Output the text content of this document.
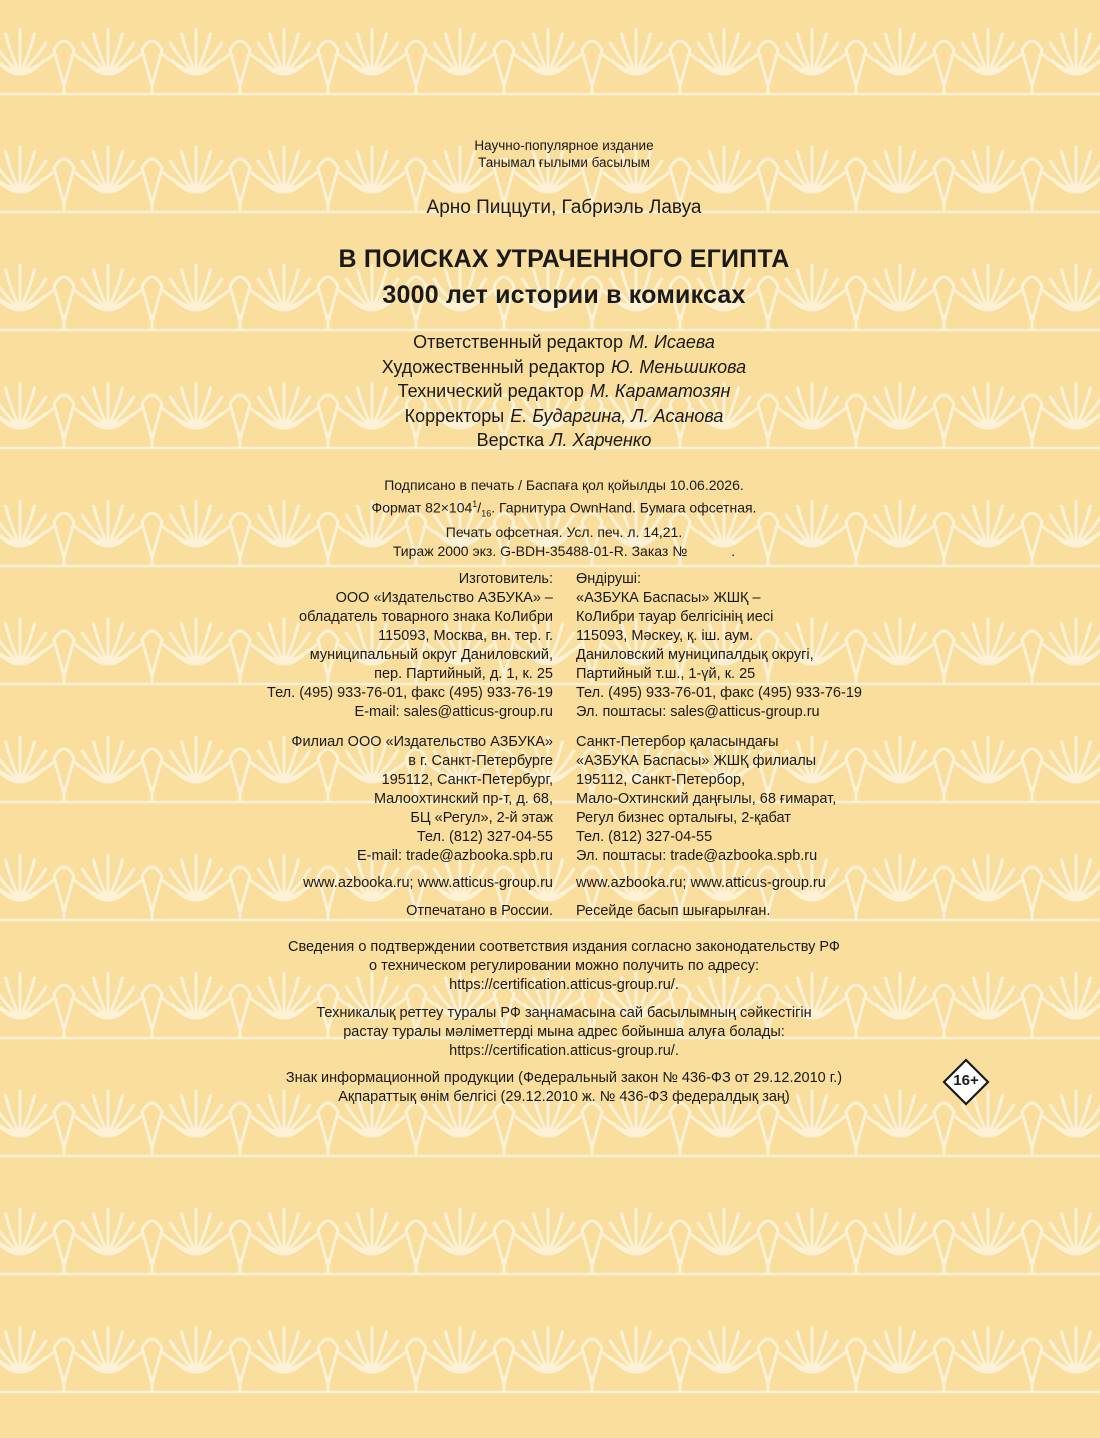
Научно-популярное издание
Танымал ғылыми басылым
Арно Пиццути, Габриэль Лавуа
В ПОИСКАХ УТРАЧЕННОГО ЕГИПТА
3000 лет истории в комиксах
Ответственный редактор М. Исаева
Художественный редактор Ю. Меньшикова
Технический редактор М. Караматозян
Корректоры Е. Бударгина, Л. Асанова
Верстка Л. Харченко
Подписано в печать / Баспаға қол қойылды 10.06.2026.
Формат $82\times 104^1/_{16}$. Гарнитура OwnHand. Бумага офсетная.
Печать офсетная. Усл. печ. л. 14,21.
Тираж 2000 экз. G-BDH-35488-01-R. Заказ №	.
Изготовитель:
ООО «Издательство АЗБУКА» –
обладатель товарного знака КоЛибри
115093, Москва, вн. тер. г.
муниципальный округ Даниловский,
пер. Партийный, д. 1, к. 25
Тел. (495) 933-76-01, факс (495) 933-76-19
E-mail: sales@atticus-group.ru
Филиал ООО «Издательство АЗБУКА»
в г. Санкт-Петербурге
195112, Санкт-Петербург,
Малоохтинский пр-т, д. 68,
БЦ «Регул», 2-й этаж
Тел. (812) 327-04-55
E-mail: trade@azbooka.spb.ru
www.azbooka.ru; www.atticus-group.ru
Отпечатано в России.
Өндіруші:
«АЗБУКА Баспасы» ЖШҚ –
КоЛибри тауар белгісінің иесі
115093, Мәскеу, қ. іш. аум.
Даниловский муниципалдық округі,
Партийный т.ш., 1-үй, к. 25
Тел. (495) 933-76-01, факс (495) 933-76-19
Эл. поштасы: sales@atticus-group.ru
Санкт-Петербор қаласындағы
«АЗБУКА Баспасы» ЖШҚ филиалы
195112, Санкт-Петербор,
Мало-Охтинский даңғылы, 68 ғимарат,
Регул бизнес орталығы, 2-қабат
Тел. (812) 327-04-55
Эл. поштасы: trade@azbooka.spb.ru
www.azbooka.ru; www.atticus-group.ru
Ресейде басып шығарылған.
Сведения о подтверждении соответствия издания согласно законодательству РФ
о техническом регулировании можно получить по адресу:
https://certification.atticus-group.ru/.
Техникалық реттеу туралы РФ заңнамасына сай басылымның сәйкестігін
растау туралы мәліметтерді мына адрес бойынша алуға болады:
https://certification.atticus-group.ru/.
Знак информационной продукции (Федеральный закон № 436-ФЗ от 29.12.2010 г.)
Ақпараттық өнім белгісі (29.12.2010 ж. № 436-ФЗ федералдық заң)
16+
